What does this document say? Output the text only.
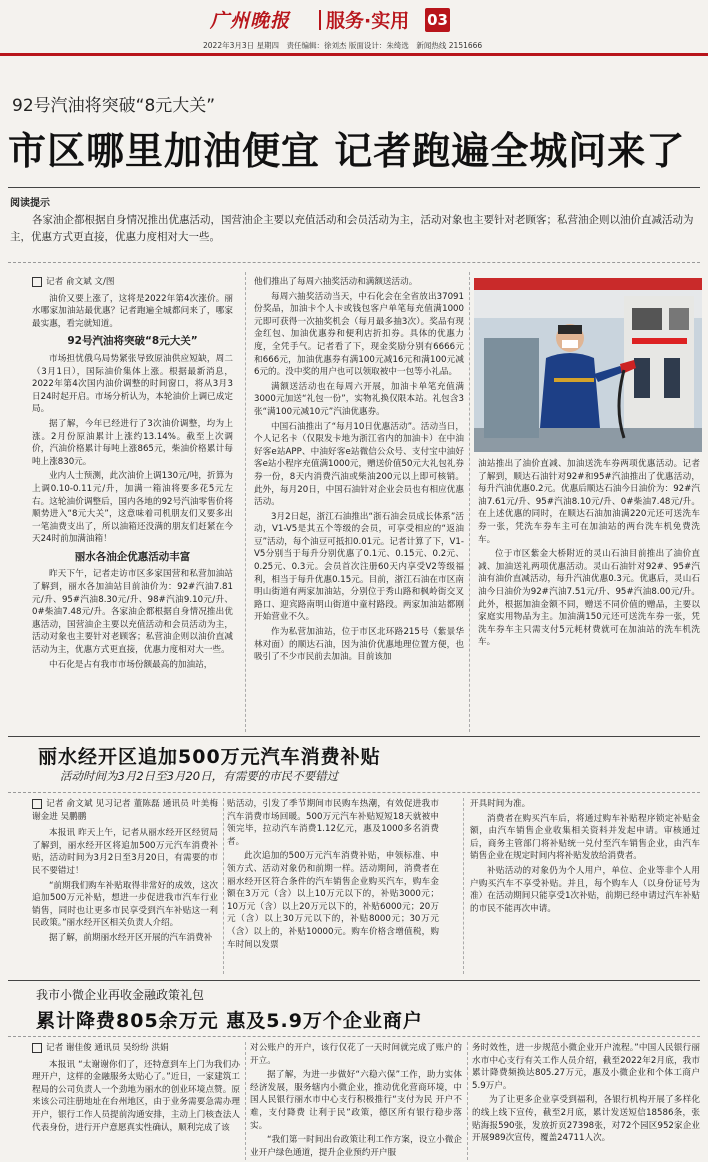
广州晚报 服务·实用 03
2022年3月3日 星期四　责任编辑：徐刘杰 版面设计：朱绮选　新闻热线 2151666
92号汽油将突破“8元大关”
市区哪里加油便宜 记者跑遍全城问来了
阅读提示
各家油企都根据自身情况推出优惠活动，国营油企主要以充值活动和会员活动为主，活动对象也主要针对老顾客；私营油企则以油价直减活动为主，优惠方式更直接，优惠力度相对大一些。
记者 俞文斌 文/图

油价又要上涨了，这将是2022年第4次涨价。丽水哪家加油站最优惠？记者跑遍全城都问来了，哪家最实惠，看完就知道。

92号汽油将突破“8元大关”

市场担忧俄乌局势紧张导致原油供应短缺，周二（3月1日），国际油价集体上涨。根据最新消息，2022年第4次国内油价调整的时间窗口，将从3月3日24时起开启。市场分析认为，本轮油价上调已成定局。

据了解，今年已经进行了3次油价调整，均为上涨。2月份原油累计上涨约13.14%。截至上次调价，汽油价格累计每吨上涨865元，柴油价格累计每吨上涨830元。

业内人士预测，此次油价上调130元/吨，折算为上调0.10-0.11元/升，加满一箱油将要多花5元左右。这轮油价调整后，国内各地的92号汽油零售价将顺势进入“8元大关”，这意味着司机朋友们又要多出一笔油费支出了，所以油箱还没满的朋友们赶紧在今天24时前加满油箱！

丽水各油企优惠活动丰富

昨天下午，记者走访市区多家国营和私营加油站了解到，丽水各加油站目前油价为：92#汽油7.81元/升、95#汽油8.30元/升、98#汽油9.10元/升、0#柴油7.48元/升。各家油企都根据自身情况推出优惠活动，国营油企主要以充值活动和会员活动为主，活动对象也主要针对老顾客；私营油企则以油价直减活动为主，优惠方式更直接，优惠力度相对大一些。

中石化是占有我市市场份额最高的加油站，

他们推出了每周六抽奖活动和满额送活动。

每周六抽奖活动当天，中石化会在全省放出37091份奖品，加油卡个人卡或钱包客户单笔每充值满1000元即可获得一次抽奖机会（每月最多抽3次）。奖品有现金红包、加油优惠券和便利店折扣券。具体的优惠力度，全凭手气。记者看了下，现金奖励分别有6666元和666元，加油优惠券有满100元减16元和满100元减6元的。没中奖的用户也可以领取被中一包等小礼品。

满额送活动也在每周六开展，加油卡单笔充值满3000元加送“礼包一份”，实物礼换仅限本站。礼包含3张“满100元减10元”汽油优惠券。

中国石油推出了“每月10日优惠活动”。活动当日，个人记名卡（仅限发卡地为浙江省内的加油卡）在中油好客e站APP、中油好客e站微信公众号、支付宝中油好客e站小程序充值满1000元，赠送价值50元大礼包礼券券一份，8天内消费汽油或柴油200元以上即可核销。此外，每月20日，中国石油针对企业会员也有相应优惠活动。

3月2日起，浙江石油推出“浙石油会员成长体系”活动，V1-V5是其五个等级的会员，可享受相应的“返油豆”活动，每个油豆可抵扣0.01元。记者计算了下，V1-V5分别当于每升分别优惠了0.1元、0.15元、0.2元、0.25元、0.3元。会员首次注册60天内享受V2等级福利，相当于每升优惠0.15元。目前，浙江石油在市区南明山街道有两家加油站，分别位于秀山路和枫岭街交叉路口、迎宾路南明山街道中童村路段。两家加油站都刚开始营业不久。

作为私营加油站，位于市区北环路215号（紫景华林对面）的顺达石油，因为油价优惠地理位置方便，也吸引了不少市民前去加油。目前该加

油站推出了油价直减、加油送洗车券两项优惠活动。记者了解到，顺达石油针对92#和95#汽油推出了优惠活动，每升汽油优惠0.2元。优惠后顺达石油今日油价为：92#汽油7.61元/升、95#汽油8.10元/升、0#柴油7.48元/升。在上述优惠的同时，在顺达石油加油满220元还可送洗车券一张，凭洗车券车主可在加油站的两台洗车机免费洗车。

位于市区紫金大桥附近的灵山石油目前推出了油价直减、加油送礼两项优惠活动。灵山石油针对92#、95#汽油有油价直减活动，每升汽油优惠0.3元。优惠后，灵山石油今日油价为92#汽油7.51元/升、95#汽油8.00元/升。此外，根据加油金额不同，赠送不同价值的赠品，主要以家庭实用物品为主。加油满150元还可送洗车券一张，凭洗车券车主只需支付5元耗材费就可在加油站的洗车机洗车。

丽水经开区追加500万元汽车消费补贴
活动时间为3月2日至3月20日，有需要的市民不要错过
记者 俞文斌 见习记者 董陈磊 通讯员 叶美梅 谢金进 吴鹏鹏

本报讯 昨天上午，记者从丽水经开区经贸局了解到，丽水经开区将追加500万元汽车消费补贴，活动时间为3月2日至3月20日，有需要的市民不要错过！

“前期我们购车补贴取得非常好的成效，这次追加500万元补贴，想进一步促进我市汽车行业销售，同时也让更多市民享受到汽车补贴这一利民政策。”丽水经开区相关负责人介绍。

据了解，前期丽水经开区开展的汽车消费补

贴活动，引发了季节期间市民购车热潮，有效促进我市汽车消费市场回暖。500万元汽车补贴短短18天就被申领完毕，拉动汽车消费1.12亿元，惠及1000多名消费者。

此次追加的500万元汽车消费补贴，申领标准、申领方式、活动对象仍和前期一样。活动期间，消费者在丽水经开区符合条件的汽车销售企业购买汽车，购车金额在3万元（含）以上10万元以下的，补贴3000元；10万元（含）以上20万元以下的，补贴6000元；20万元（含）以上30万元以下的，补贴8000元；30万元（含）以上的，补贴10000元。购车价格含增值税，购车时间以发票

开具时间为准。

消费者在购买汽车后，将通过购车补贴程序锁定补贴金额，由汽车销售企业收集相关资料并发起申请。审核通过后，商务主管部门将补贴统一兑付至汽车销售企业，由汽车销售企业在规定时间内将补贴发放给消费者。

补贴活动的对象仍为个人用户，单位、企业等非个人用户购买汽车不享受补贴。并且，每个购车人（以身份证号为准）在活动期间只能享受1次补贴，前期已经申请过汽车补贴的市民不能再次申请。

我市小微企业再收金融政策礼包
累计降费805余万元 惠及5.9万个企业商户
记者 谢佳俊 通讯员 吴纷纷 洪娟

本报讯 “太谢谢你们了，还特意到车上门为我们办理开户，这样的金融服务太贴心了。”近日，一家建筑工程局的公司负责人一个劲地为丽水的创业环境点赞。原来该公司注册地址在台州地区，由于业务需要急需办理开户，银行工作人员提前沟通安排，主动上门核查法人代表身份，进行开户意愿真实性确认，顺利完成了该

对公账户的开户，该行仅花了一天时间就完成了账户的开立。

据了解，为进一步做好“六稳六保”工作，助力实体经济发展，服务辖内小微企业，推动优化营商环境，中国人民银行丽水市中心支行积极推行“支付为民 开户不难，支付降费 让利于民”政策，德区所有银行稳步落实。

“我们第一时间出台政策让利工作方案，设立小微企业开户绿色通道，提升企业预约开户服

务时效性，进一步规范小微企业开户流程。”中国人民银行丽水市中心支行有关工作人员介绍，截至2022年2月底，我市累计降费频换达805.27万元，惠及小微企业和个体工商户5.9万户。

为了让更多企业享受到福利，各银行机构开展了多样化的线上线下宣传，截至2月底，累计发送短信18586条，张贴海报590张，发放折页27398张，对72个园区952家企业开展989次宣传，覆盖24711人次。
